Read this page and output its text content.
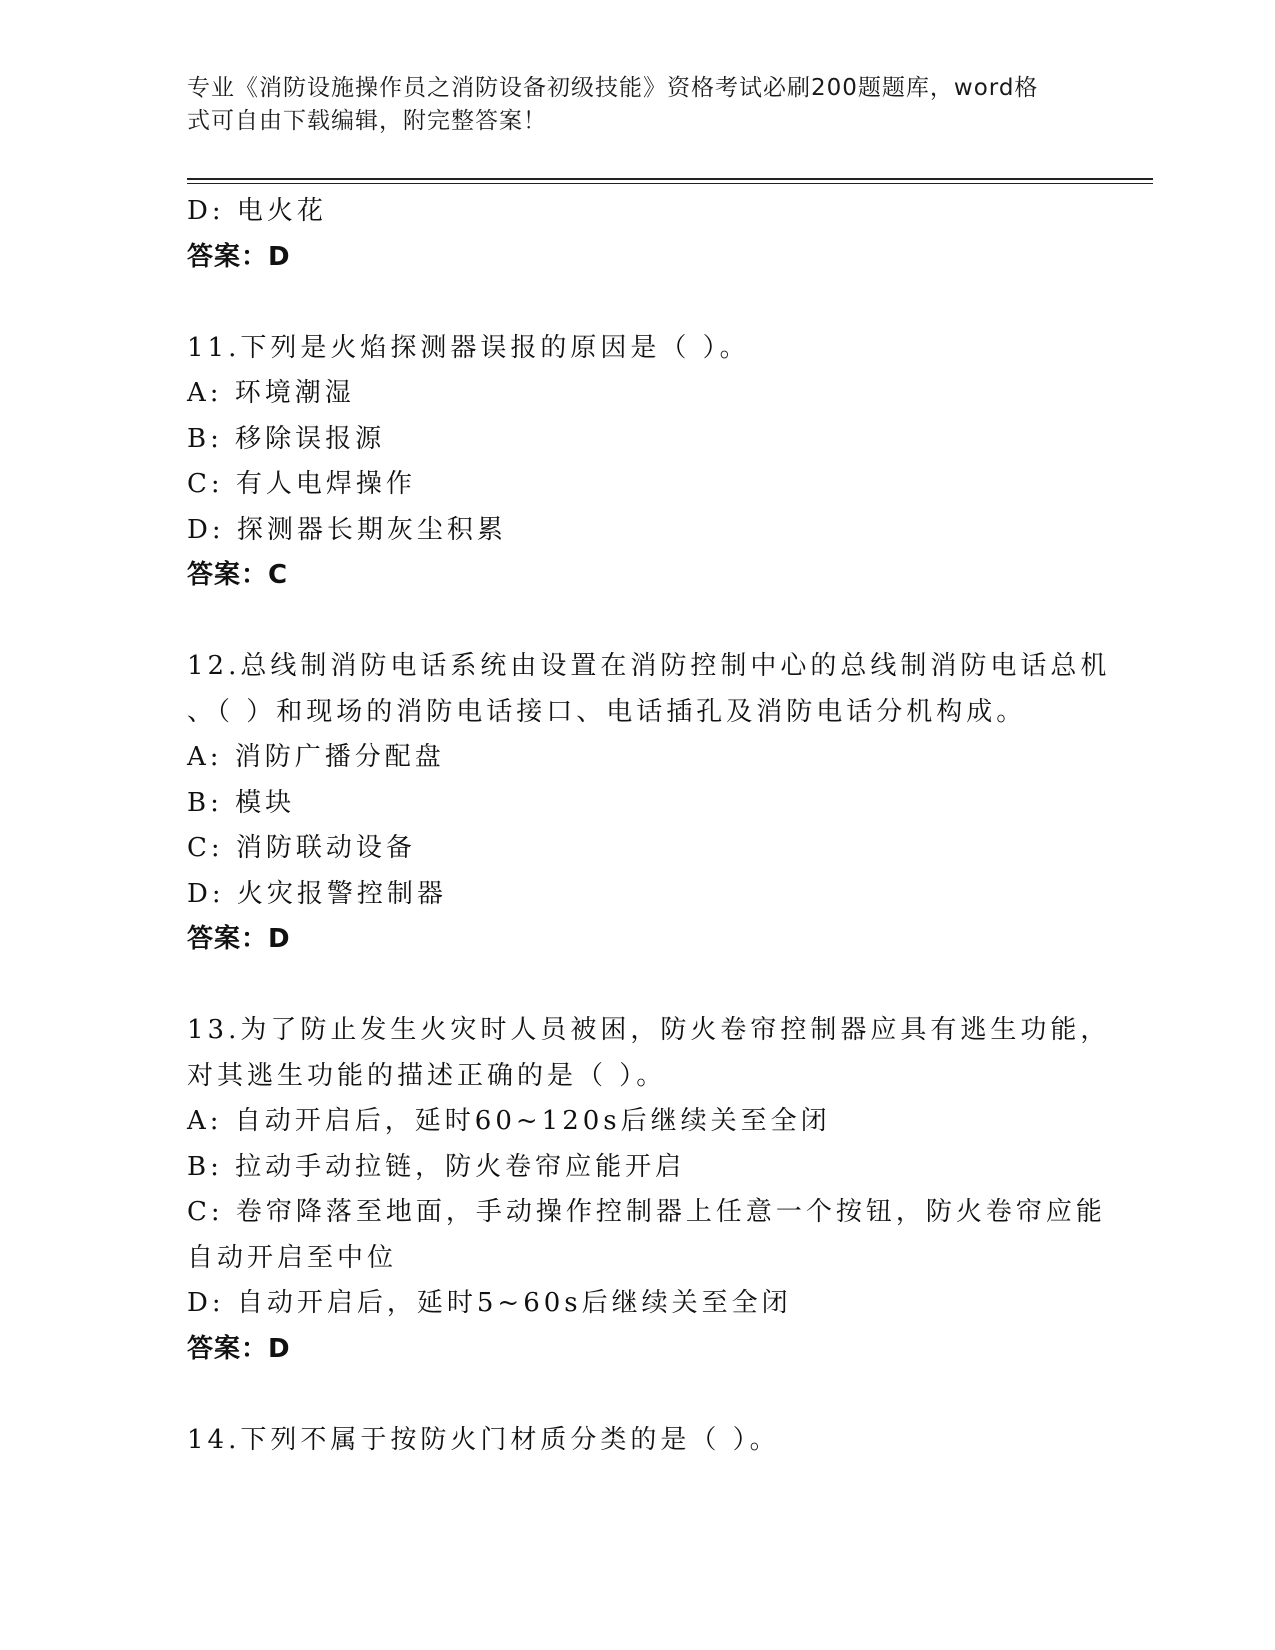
专业《消防设施操作员之消防设备初级技能》资格考试必刷200题题库，word格
式可自由下载编辑，附完整答案！
D: 电火花
答案：D
11.下列是火焰探测器误报的原因是（ ）。
A: 环境潮湿
B: 移除误报源
C: 有人电焊操作
D: 探测器长期灰尘积累
答案：C
12.总线制消防电话系统由设置在消防控制中心的总线制消防电话总机
、（ ）和现场的消防电话接口、电话插孔及消防电话分机构成。
A: 消防广播分配盘
B: 模块
C: 消防联动设备
D: 火灾报警控制器
答案：D
13.为了防止发生火灾时人员被困，防火卷帘控制器应具有逃生功能，
对其逃生功能的描述正确的是（ ）。
A: 自动开启后，延时60~120s后继续关至全闭
B: 拉动手动拉链，防火卷帘应能开启
C: 卷帘降落至地面，手动操作控制器上任意一个按钮，防火卷帘应能
自动开启至中位
D: 自动开启后，延时5~60s后继续关至全闭
答案：D
14.下列不属于按防火门材质分类的是（ ）。
